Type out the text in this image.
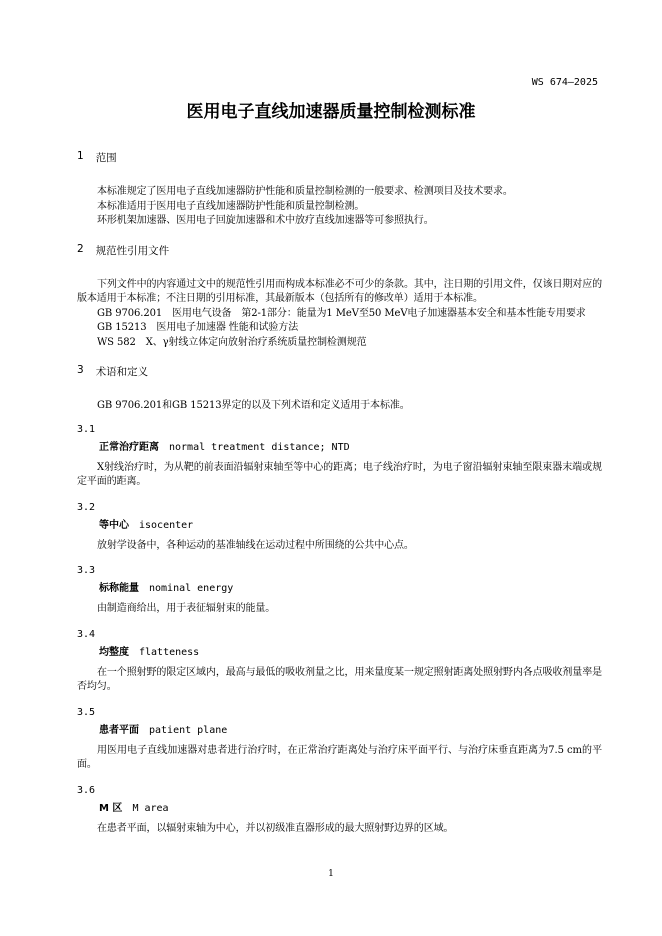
WS 674—2025
医用电子直线加速器质量控制检测标准
1 范围

本标准规定了医用电子直线加速器防护性能和质量控制检测的一般要求、检测项目及技术要求。

本标准适用于医用电子直线加速器防护性能和质量控制检测。

环形机架加速器、医用电子回旋加速器和术中放疗直线加速器等可参照执行。

2 规范性引用文件

下列文件中的内容通过文中的规范性引用而构成本标准必不可少的条款。其中，注日期的引用文件，仅该日期对应的版本适用于本标准；不注日期的引用标准，其最新版本（包括所有的修改单）适用于本标准。

GB 9706.201　医用电气设备　第2-1部分：能量为1 MeV至50 MeV电子加速器基本安全和基本性能专用要求

GB 15213　医用电子加速器 性能和试验方法

WS 582　X、γ射线立体定向放射治疗系统质量控制检测规范

3 术语和定义

GB 9706.201和GB 15213界定的以及下列术语和定义适用于本标准。

3.1
正常治疗距离 normal treatment distance; NTD

X射线治疗时，为从靶的前表面沿辐射束轴至等中心的距离；电子线治疗时，为电子窗沿辐射束轴至限束器末端或规定平面的距离。

3.2
等中心 isocenter

放射学设备中，各种运动的基准轴线在运动过程中所围绕的公共中心点。

3.3
标称能量 nominal energy

由制造商给出，用于表征辐射束的能量。

3.4
均整度 flatteness

在一个照射野的限定区域内，最高与最低的吸收剂量之比，用来量度某一规定照射距离处照射野内各点吸收剂量率是否均匀。

3.5
患者平面 patient plane

用医用电子直线加速器对患者进行治疗时，在正常治疗距离处与治疗床平面平行、与治疗床垂直距离为7.5 cm的平面。

3.6
M 区 M area

在患者平面，以辐射束轴为中心，并以初级准直器形成的最大照射野边界的区域。

1
